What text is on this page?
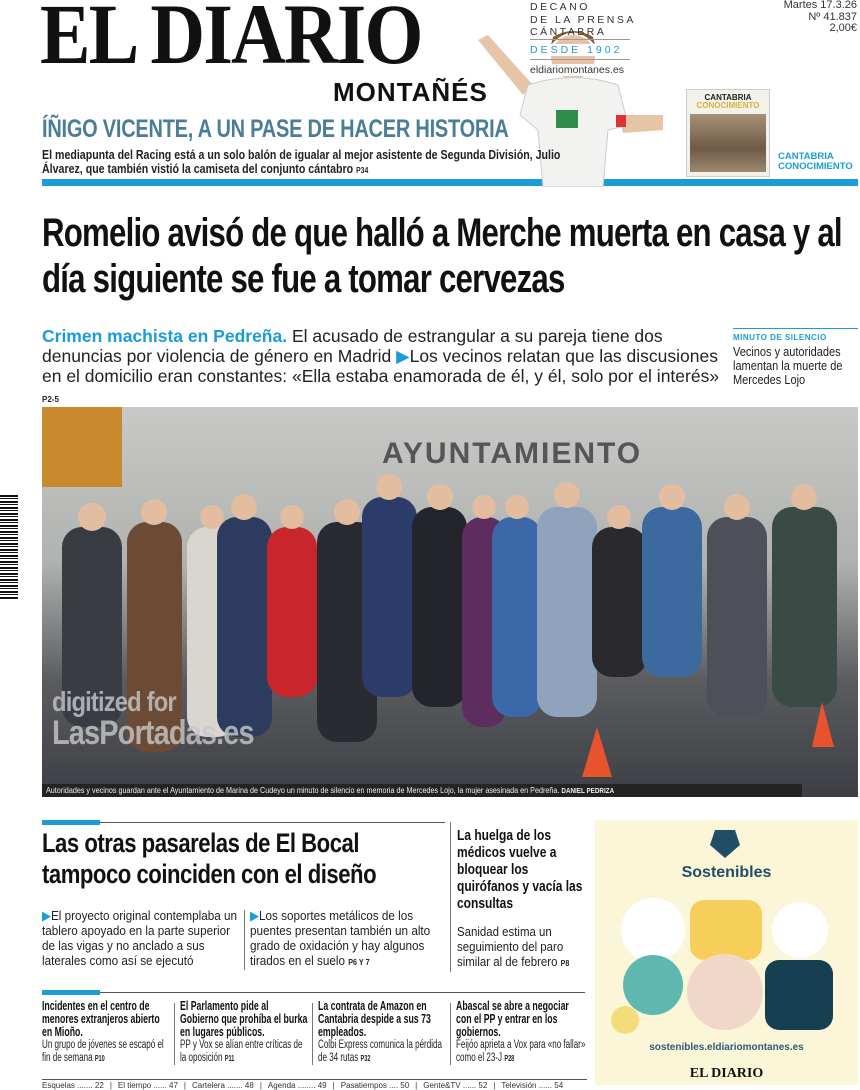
EL DIARIO
MONTAÑÉS
DECANO
DE LA PRENSA
CÁNTABRA
DESDE 1902
eldiariomontanes.es
Martes 17.3.26
Nº 41.837
2,00€
ÍÑIGO VICENTE, A UN PASE DE HACER HISTORIA
El mediapunta del Racing está a un solo balón de igualar al mejor asistente de Segunda División, Julio Álvarez, que también vistió la camiseta del conjunto cántabro P34
CANTABRIA
CONOCIMIENTO
CANTABRIA CONOCIMIENTO
Romelio avisó de que halló a Merche muerta en casa y al día siguiente se fue a tomar cervezas
Crimen machista en Pedreña. El acusado de estrangular a su pareja tiene dos denuncias por violencia de género en Madrid ▶Los vecinos relatan que las discusiones en el domicilio eran constantes: «Ella estaba enamorada de él, y él, solo por el interés» P2-5
MINUTO DE SILENCIO
Vecinos y autoridades lamentan la muerte de Mercedes Lojo
AYUNTAMIENTO
Autoridades y vecinos guardan ante el Ayuntamiento de Marina de Cudeyo un minuto de silencio en memoria de Mercedes Lojo, la mujer asesinada en Pedreña. DANIEL PEDRIZA
Las otras pasarelas de El Bocal tampoco coinciden con el diseño
▶El proyecto original contemplaba un tablero apoyado en la parte superior de las vigas y no anclado a sus laterales como así se ejecutó
▶Los soportes metálicos de los puentes presentan también un alto grado de oxidación y hay algunos tirados en el suelo P6 Y 7
La huelga de los médicos vuelve a bloquear los quirófanos y vacía las consultas
Sanidad estima un seguimiento del paro similar al de febrero P8
Sostenibles
sostenibles.eldiariomontanes.es
EL DIARIO
Incidentes en el centro de menores extranjeros abierto en Mioño.
Un grupo de jóvenes se escapó el fin de semana P10
El Parlamento pide al Gobierno que prohíba el burka en lugares públicos.
PP y Vox se alían entre críticas de la oposición P11
La contrata de Amazon en Cantabria despide a sus 73 empleados.
Colbi Express comunica la pérdida de 34 rutas P32
Abascal se abre a negociar con el PP y entrar en los gobiernos.
Feijóo aprieta a Vox para «no fallar» como el 23-J P28
Esquelas ....... 22 | El tiempo ...... 47 | Cartelera ....... 48 | Agenda ........ 49 | Pasatiempos .... 50 | Gente&TV ...... 52 | Televisión ...... 54
digitized for
LasPortadas.es
